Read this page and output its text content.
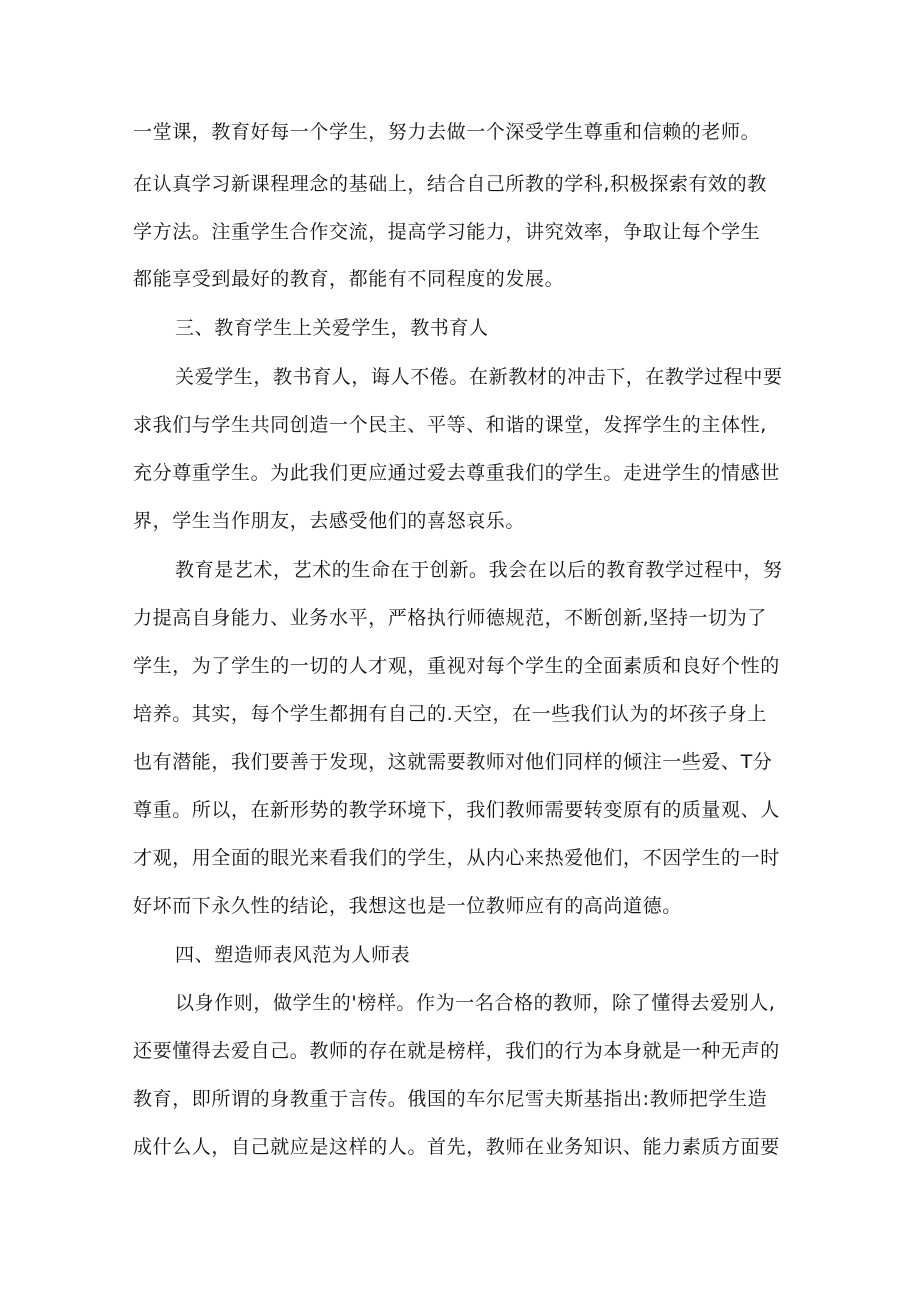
一堂课，教育好每一个学生，努力去做一个深受学生尊重和信赖的老师。
在认真学习新课程理念的基础上，结合自己所教的学科,积极探索有效的教
学方法。注重学生合作交流，提高学习能力，讲究效率，争取让每个学生
都能享受到最好的教育，都能有不同程度的发展。
三、教育学生上关爱学生，教书育人
关爱学生，教书育人，诲人不倦。在新教材的冲击下，在教学过程中要
求我们与学生共同创造一个民主、平等、和谐的课堂，发挥学生的主体性,
充分尊重学生。为此我们更应通过爱去尊重我们的学生。走进学生的情感世
界，学生当作朋友，去感受他们的喜怒哀乐。
教育是艺术，艺术的生命在于创新。我会在以后的教育教学过程中，努
力提高自身能力、业务水平，严格执行师德规范，不断创新,坚持一切为了
学生，为了学生的一切的人才观，重视对每个学生的全面素质和良好个性的
培养。其实，每个学生都拥有自己的.天空，在一些我们认为的坏孩子身上
也有潜能，我们要善于发现，这就需要教师对他们同样的倾注一些爱、T分
尊重。所以，在新形势的教学环境下，我们教师需要转变原有的质量观、人
才观，用全面的眼光来看我们的学生，从内心来热爱他们，不因学生的一时
好坏而下永久性的结论，我想这也是一位教师应有的高尚道德。
四、塑造师表风范为人师表
以身作则，做学生的'榜样。作为一名合格的教师，除了懂得去爱别人,
还要懂得去爱自己。教师的存在就是榜样，我们的行为本身就是一种无声的
教育，即所谓的身教重于言传。俄国的车尔尼雪夫斯基指出:教师把学生造
成什么人，自己就应是这样的人。首先，教师在业务知识、能力素质方面要
